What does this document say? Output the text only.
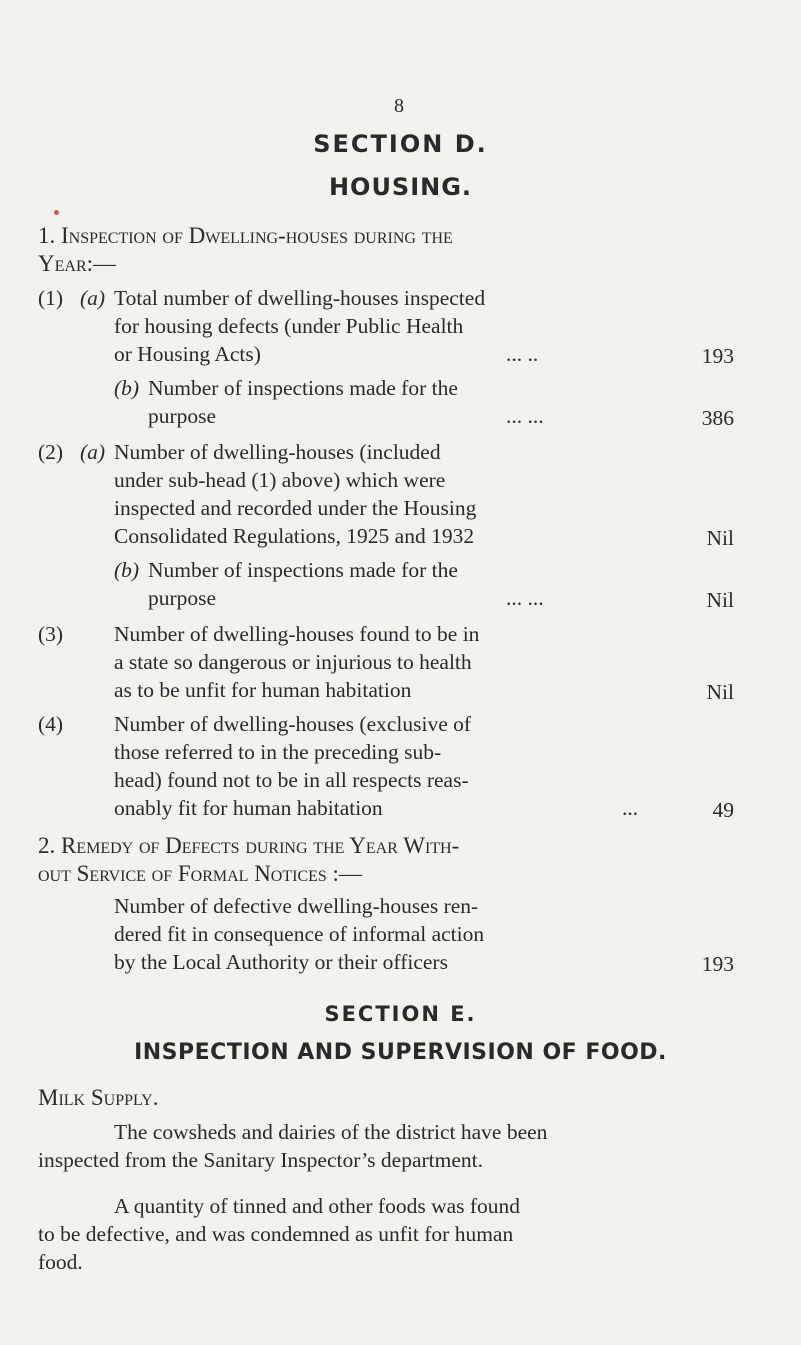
8
SECTION D.
HOUSING.
1. Inspection of Dwelling-houses during the
Year:—
(1) (a) Total number of dwelling-houses inspected
for housing defects (under Public Health
or Housing Acts)	... ..	193
(b) Number of inspections made for the
purpose	... ...	386
(2) (a) Number of dwelling-houses (included
under sub-head (1) above) which were
inspected and recorded under the Housing
Consolidated Regulations, 1925 and 1932	Nil
(b) Number of inspections made for the
purpose	... ...	Nil
(3) Number of dwelling-houses found to be in
a state so dangerous or injurious to health
as to be unfit for human habitation	Nil
(4) Number of dwelling-houses (exclusive of
those referred to in the preceding sub-
head) found not to be in all respects reas-
onably fit for human habitation	...	49
2. Remedy of Defects during the Year With-
out Service of Formal Notices :—
Number of defective dwelling-houses ren-
dered fit in consequence of informal action
by the Local Authority or their officers	193
SECTION E.
INSPECTION AND SUPERVISION OF FOOD.
Milk Supply.
The cowsheds and dairies of the district have been
inspected from the Sanitary Inspector’s department.
A quantity of tinned and other foods was found
to be defective, and was condemned as unfit for human
food.
